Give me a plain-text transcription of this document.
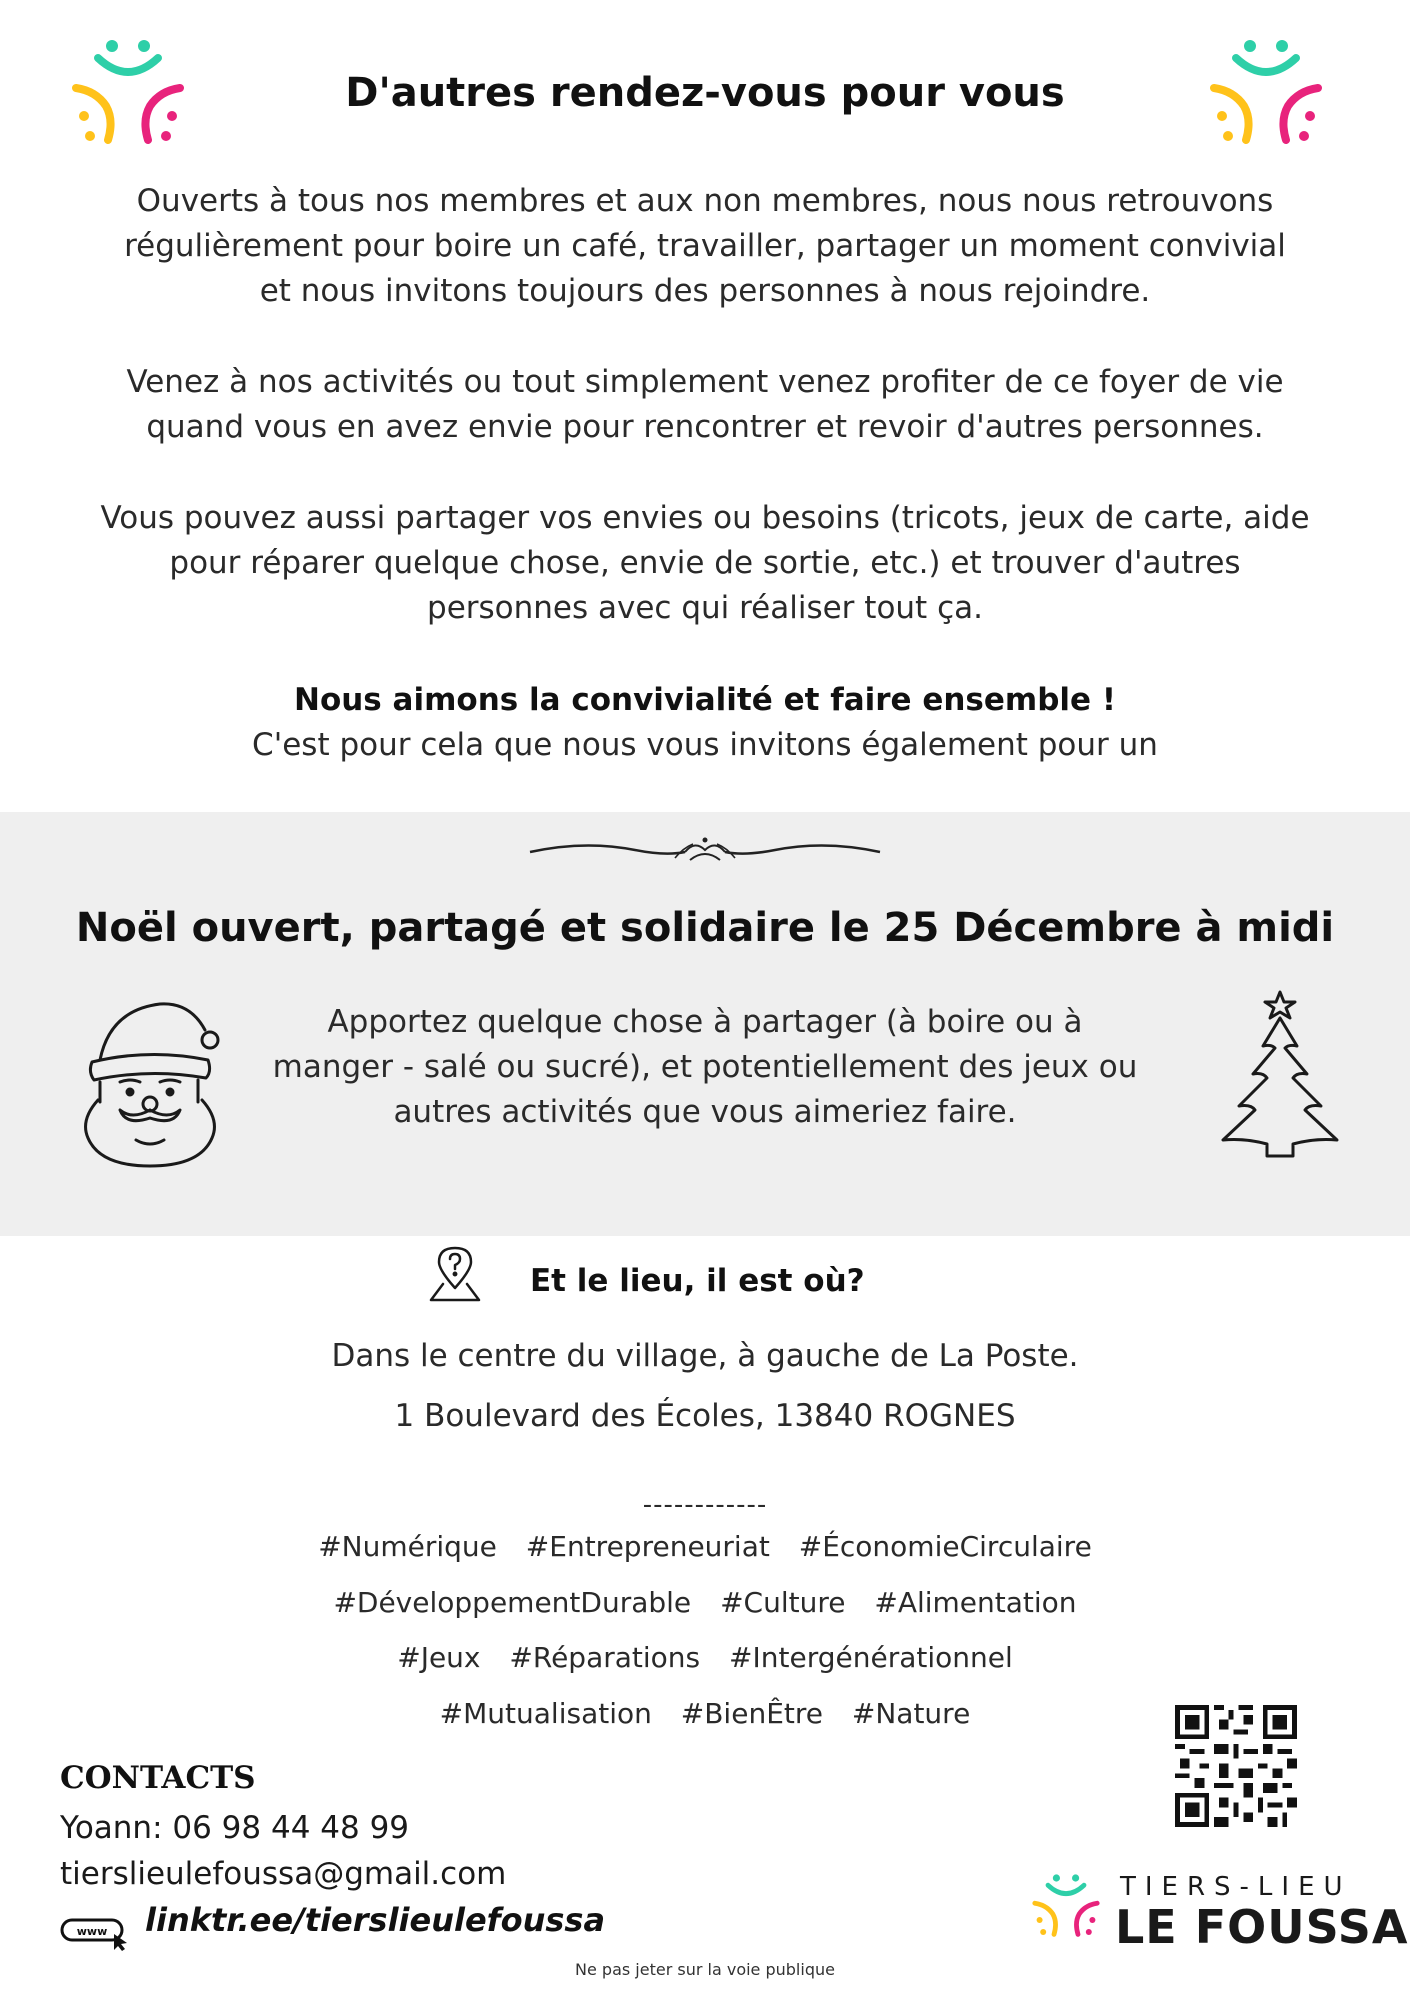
D'autres rendez-vous pour vous
Ouverts à tous nos membres et aux non membres, nous nous retrouvons
régulièrement pour boire un café, travailler, partager un moment convivial
et nous invitons toujours des personnes à nous rejoindre.
Venez à nos activités ou tout simplement venez profiter de ce foyer de vie
quand vous en avez envie pour rencontrer et revoir d'autres personnes.
Vous pouvez aussi partager vos envies ou besoins (tricots, jeux de carte, aide
pour réparer quelque chose, envie de sortie, etc.) et trouver d'autres
personnes avec qui réaliser tout ça.
Nous aimons la convivialité et faire ensemble !
C'est pour cela que nous vous invitons également pour un
Noël ouvert, partagé et solidaire le 25 Décembre à midi
Apportez quelque chose à partager (à boire ou à
manger - salé ou sucré), et potentiellement des jeux ou
autres activités que vous aimeriez faire.
Et le lieu, il est où?
Dans le centre du village, à gauche de La Poste.
1 Boulevard des Écoles, 13840 ROGNES
------------
#Numérique #Entrepreneuriat #ÉconomieCirculaire
#DéveloppementDurable #Culture #Alimentation
#Jeux #Réparations #Intergénérationnel
#Mutualisation #BienÊtre #Nature
CONTACTS
Yoann: 06 98 44 48 99
tierslieulefoussa@gmail.com
www linktr.ee/tierslieulefoussa
TIERS-LIEU
LE FOUSSA
Ne pas jeter sur la voie publique
